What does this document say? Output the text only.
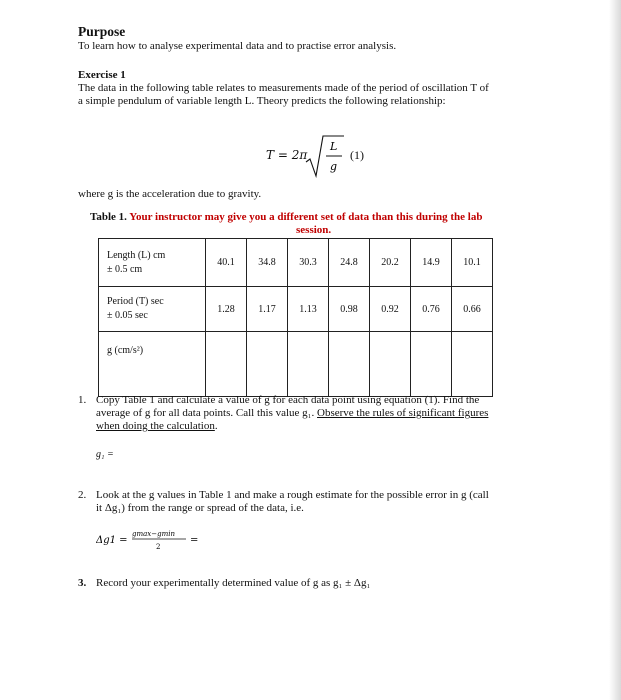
Purpose
To learn how to analyse experimental data and to practise error analysis.
Exercise 1
The data in the following table relates to measurements made of the period of oscillation T of
a simple pendulum of variable length L. Theory predicts the following relationship:
T = 2π
L
g
(1)
where g is the acceleration due to gravity.
Table 1. Your instructor may give you a different set of data than this during the lab
session.
Length (L) cm
± 0.5 cm	40.1	34.8	30.3	24.8	20.2	14.9	10.1

Period (T) sec
± 0.05 sec	1.28	1.17	1.13	0.98	0.92	0.76	0.66

g (cm/s²)							

1. Copy Table 1 and calculate a value of g for each data point using equation (1). Find the
average of g for all data points. Call this value g₁. Observe the rules of significant figures
when doing the calculation.
g₁ =
2. Look at the g values in Table 1 and make a rough estimate for the possible error in g (call
it Δg₁) from the range or spread of the data, i.e.
Δg1 =
gmax−gmin
2
=
3. Record your experimentally determined value of g as g₁ ± Δg₁
